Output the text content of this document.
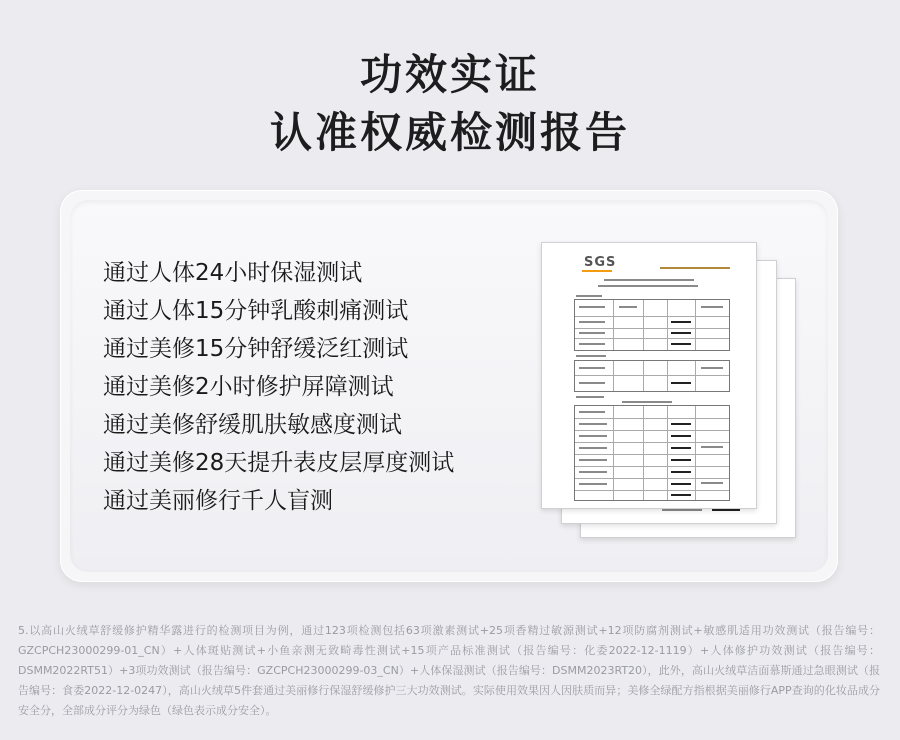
功效实证
认准权威检测报告
通过人体24小时保湿测试
通过人体15分钟乳酸刺痛测试
通过美修15分钟舒缓泛红测试
通过美修2小时修护屏障测试
通过美修舒缓肌肤敏感度测试
通过美修28天提升表皮层厚度测试
通过美丽修行千人盲测
SGS
5.以高山火绒草舒缓修护精华露进行的检测项目为例，通过123项检测包括63项激素测试+25项香精过敏源测试+12项防腐剂测试+敏感肌适用功效测试（报告编号：GZCPCH23000299-01_CN）+人体斑贴测试+小鱼亲测无致畸毒性测试+15项产品标准测试（报告编号：化委2022-12-1119）+人体修护功效测试（报告编号：DSMM2022RT51）+3项功效测试（报告编号：GZCPCH23000299-03_CN）+人体保湿测试（报告编号：DSMM2023RT20），此外，高山火绒草洁面慕斯通过急眼测试（报告编号：食委2022-12-0247），高山火绒草5件套通过美丽修行保湿舒缓修护三大功效测试。实际使用效果因人因肤质而异；美修全绿配方指根据美丽修行APP查询的化妆品成分安全分，全部成分评分为绿色（绿色表示成分安全）。
